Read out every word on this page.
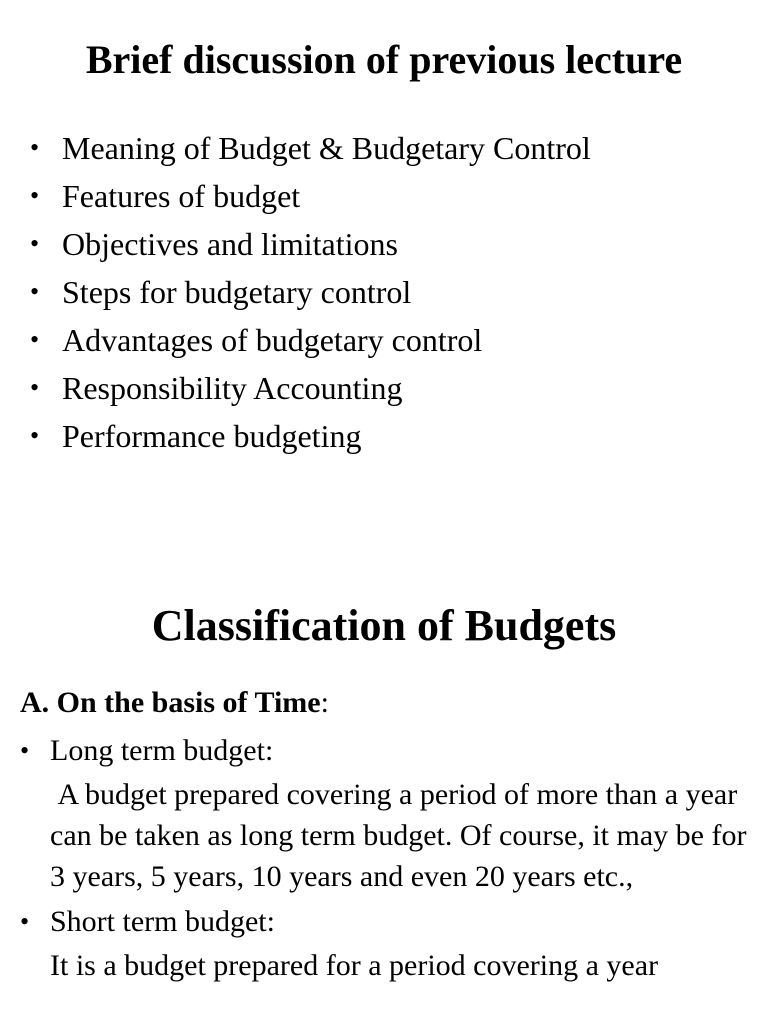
Brief discussion of previous lecture
• Meaning of Budget & Budgetary Control
• Features of budget
• Objectives and limitations
• Steps for budgetary control
• Advantages of budgetary control
• Responsibility Accounting
• Performance budgeting
Classification of Budgets
A. On the basis of Time:
• Long term budget:
A budget prepared covering a period of more than a year can be taken as long term budget. Of course, it may be for 3 years, 5 years, 10 years and even 20 years etc.,
• Short term budget:
It is a budget prepared for a period covering a year
